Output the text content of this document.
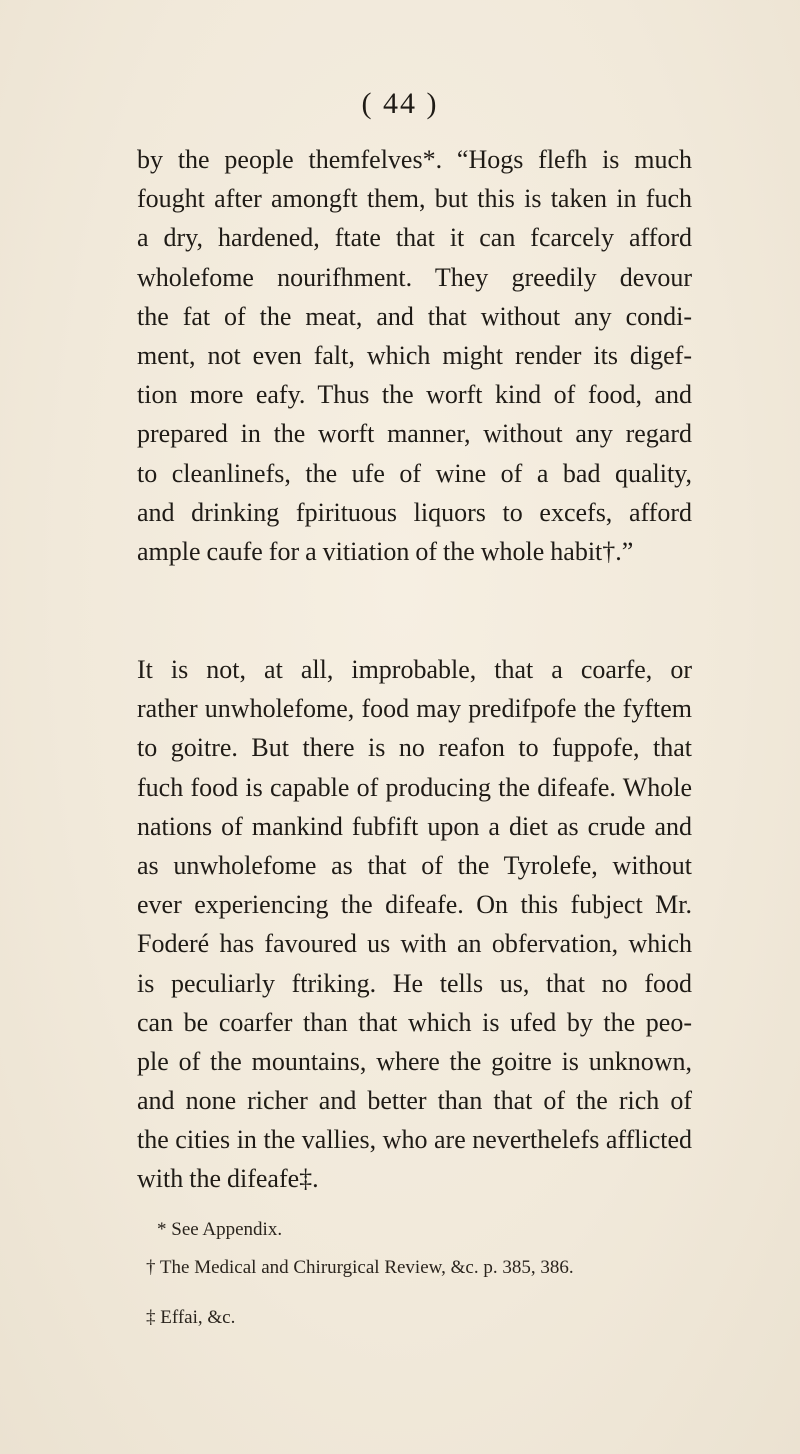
( 44 )
by the people themfelves*. “Hogs flefh is much
fought after amongft them, but this is taken in fuch
a dry, hardened, ftate that it can fcarcely afford
wholefome nourifhment. They greedily devour
the fat of the meat, and that without any condi-
ment, not even falt, which might render its digef-
tion more eafy. Thus the worft kind of food, and
prepared in the worft manner, without any regard
to cleanlinefs, the ufe of wine of a bad quality,
and drinking fpirituous liquors to excefs, afford
ample caufe for a vitiation of the whole habit†.”
It is not, at all, improbable, that a coarfe, or
rather unwholefome, food may predifpofe the fyftem
to goitre. But there is no reafon to fuppofe, that
fuch food is capable of producing the difeafe. Whole
nations of mankind fubfift upon a diet as crude and
as unwholefome as that of the Tyrolefe, without
ever experiencing the difeafe. On this fubject Mr.
Foderé has favoured us with an obfervation, which
is peculiarly ftriking. He tells us, that no food
can be coarfer than that which is ufed by the peo-
ple of the mountains, where the goitre is unknown,
and none richer and better than that of the rich of
the cities in the vallies, who are neverthelefs afflicted
with the difeafe‡.
* See Appendix.
† The Medical and Chirurgical Review, &c. p. 385, 386.
‡ Effai, &c.
